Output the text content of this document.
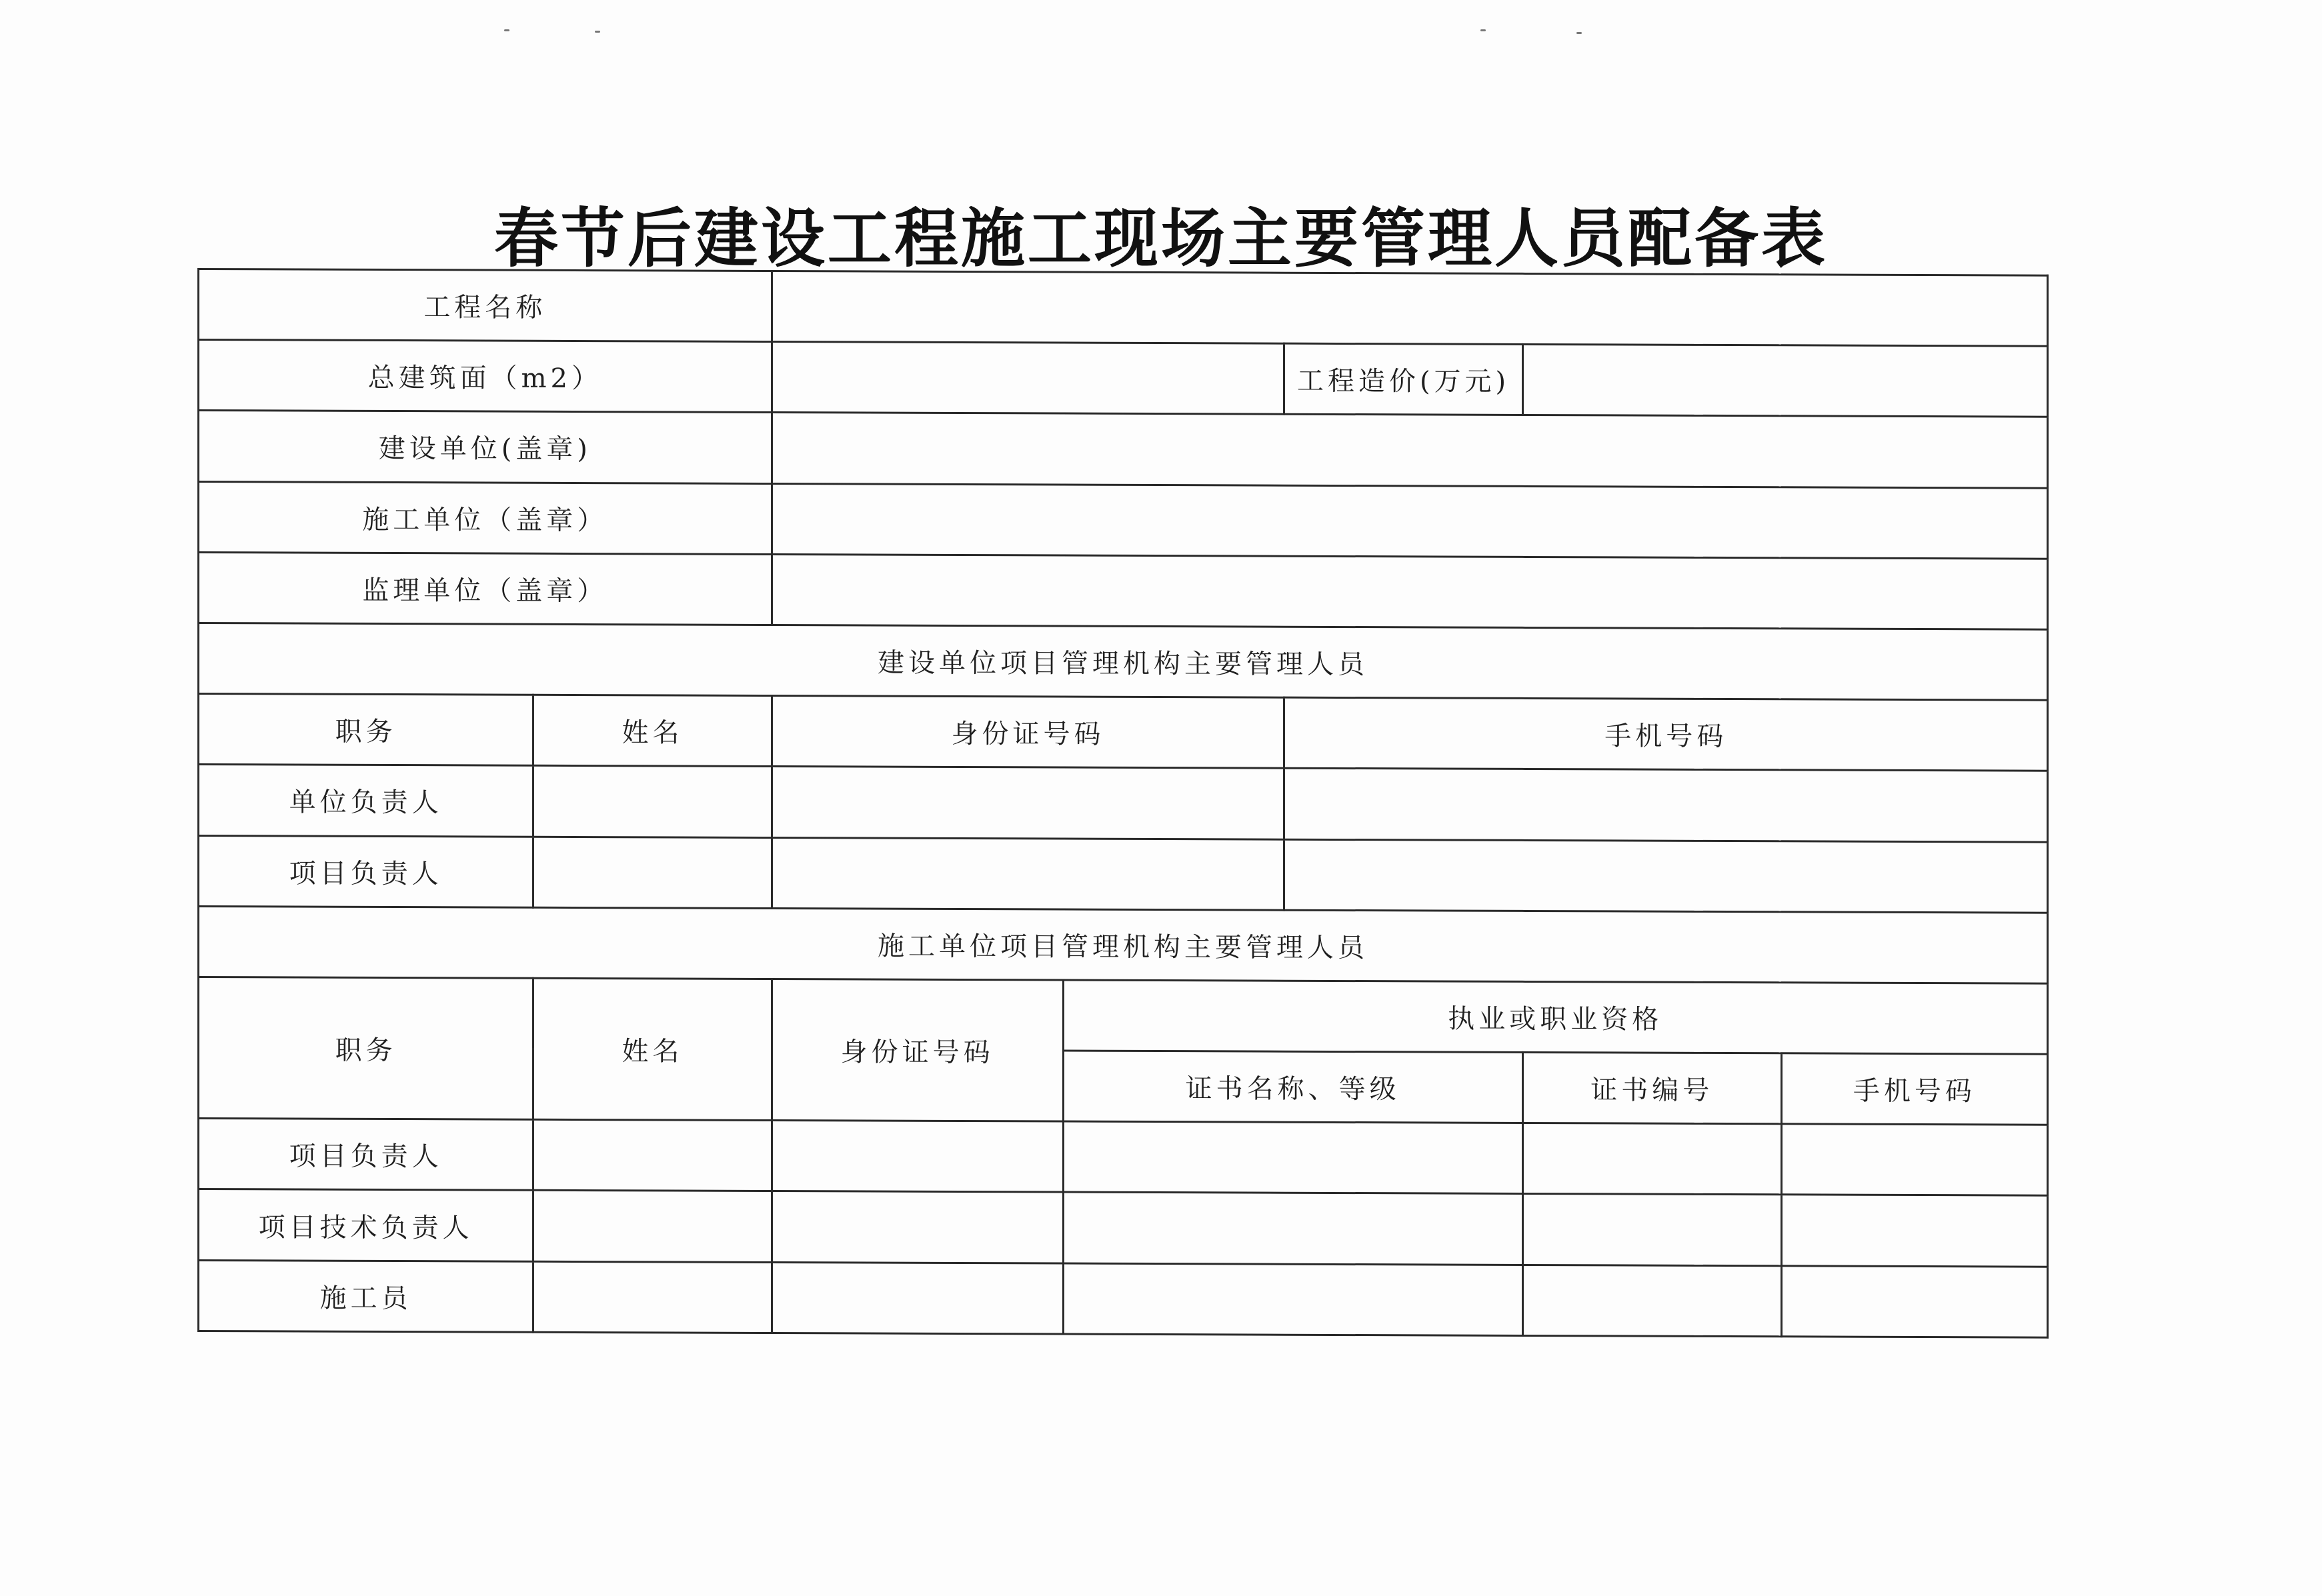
春节后建设工程施工现场主要管理人员配备表
工程名称						
总建筑面（m2）				工程造价(万元)		
建设单位(盖章)						
施工单位（盖章）						
监理单位（盖章）						
建设单位项目管理机构主要管理人员						
职务	姓名	身份证号码		手机号码		
单位负责人						
项目负责人						
施工单位项目管理机构主要管理人员						
职务	姓名	身份证号码	执业或职业资格			
			证书名称、等级		证书编号	手机号码
项目负责人						
项目技术负责人						
施工员						
